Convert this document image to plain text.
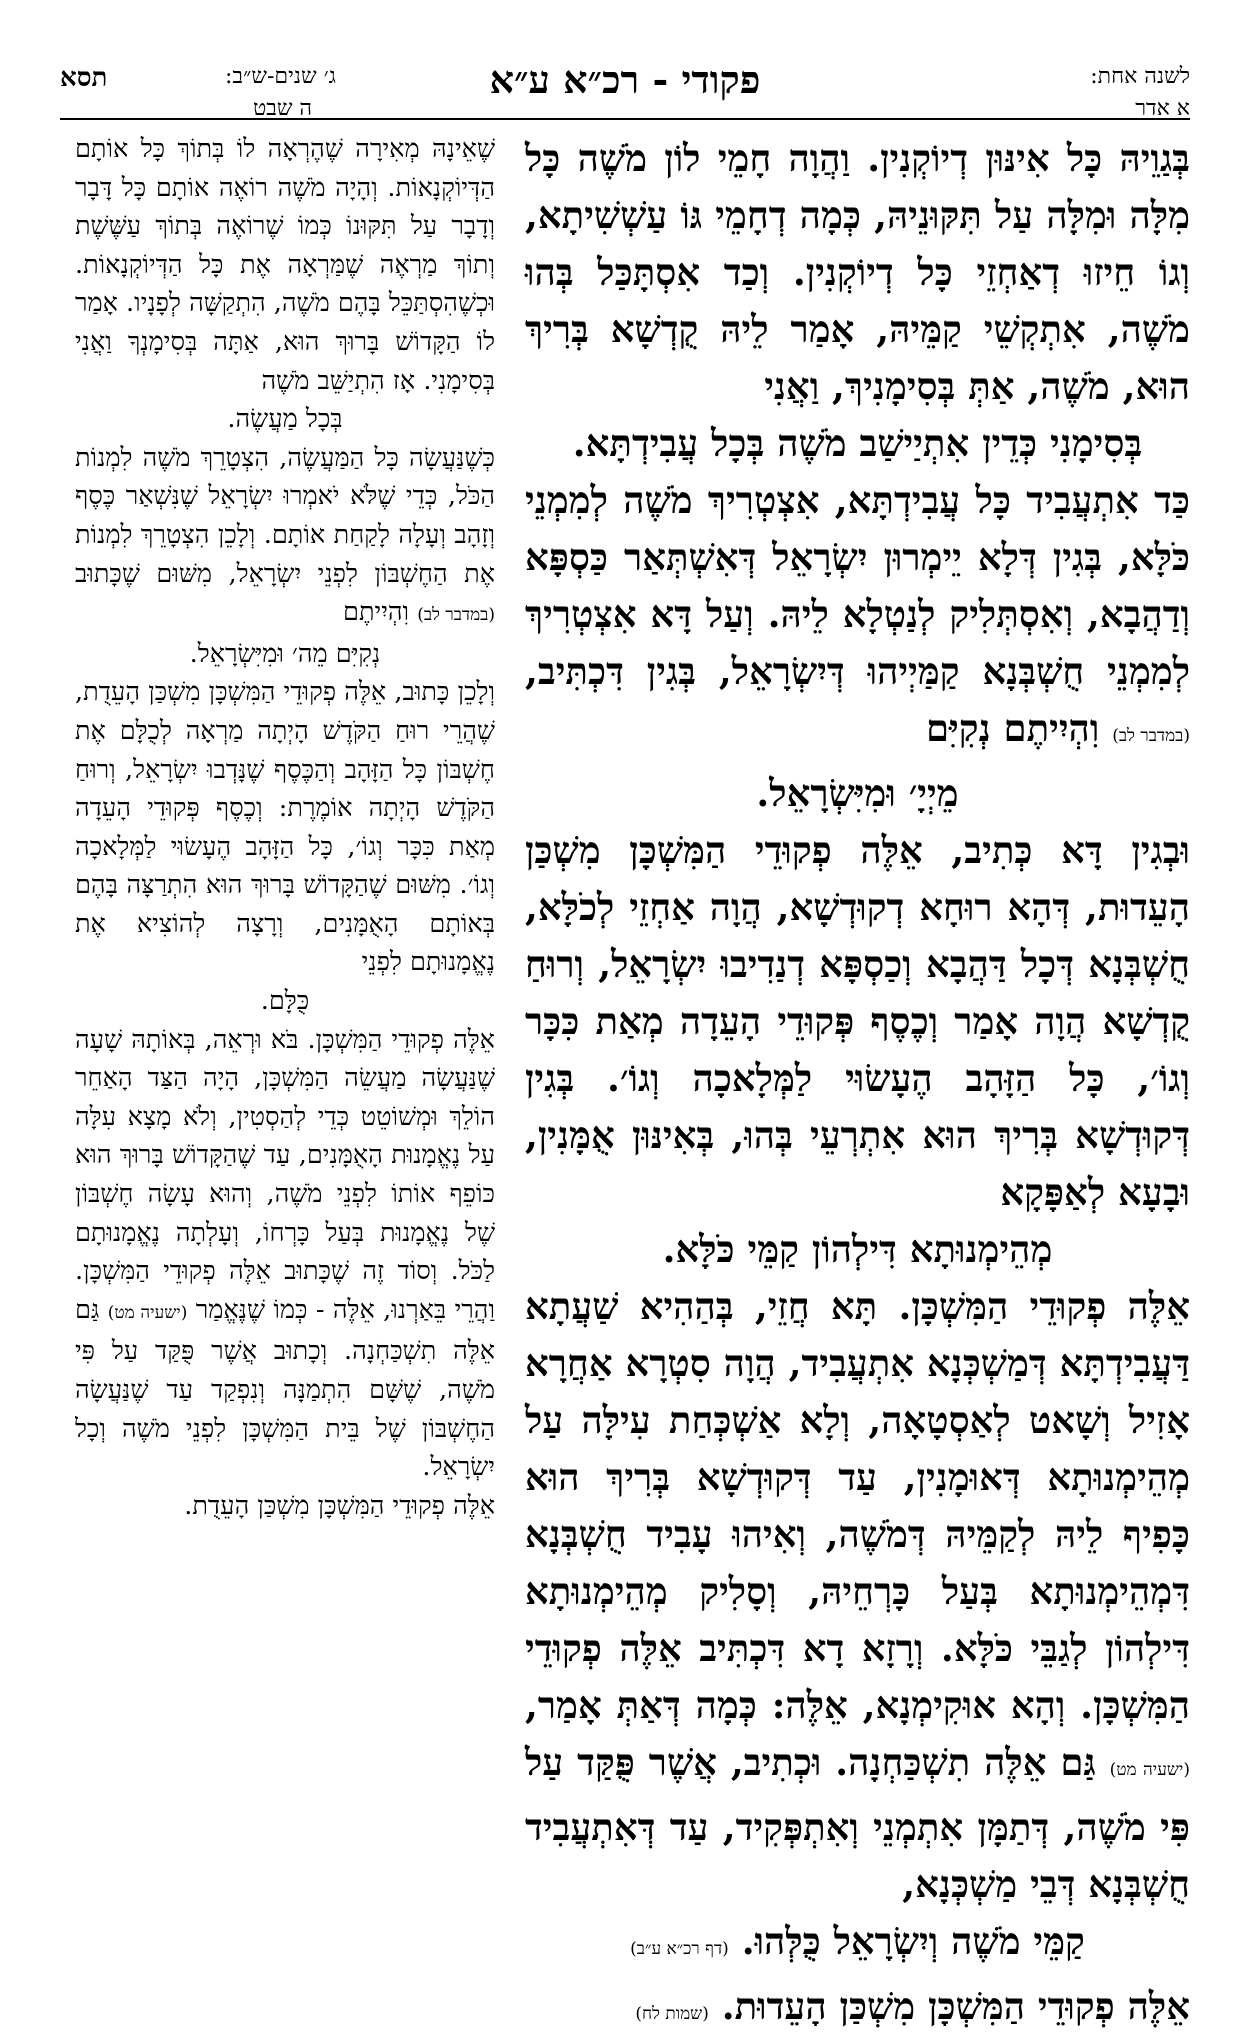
תסא	ג׳ שנים-ש״ב:
ה שבט
פקודי - רכ״א ע״א	לשנה אחת:
א אדר

בְּגַוֵיהּ כָּל אִינּוּן דְיוֹקְנִין. וַהֲוָה חָמֵי לוֹן מֹשֶׁה כָּל מִלָּה וּמִלָּה עַל תִּקּוּנֵיהּ, כְּמָה דְחָמֵי גּוֹ עַשְׁשִׁיתָא, וְגוֹ חֵיזוּ דְאַחְזֵי כָּל דְיוֹקְנִין. וְכַד אִסְתָּכַּל בְּהוּ מֹשֶׁה, אִתְקְשֵׁי קַמֵּיהּ, אָמַר לֵיהּ קֻדְשָׁא בְּרִיךְ הוּא, מֹשֶׁה, אַתְּ בְּסִימָנִיךְ, וַאֲנִי

בְּסִימָנִי כְּדֵין אִתְיַישַׁב מֹשֶׁה בְּכָל עֲבִידְתָּא.

כַּד אִתְעֲבִיד כָּל עֲבִידְתָּא, אִצְטְרִיךְ מֹשֶׁה לְמִמְנֵי כֹּלָּא, בְּגִין דְּלָא יֵימְרוּן יִשְׂרָאֵל דְּאִשְׁתְּאַר כַּסְפָּא וְדַהֲבָא, וְאִסְתְּלִיק לְנַטְלָא לֵיהּ. וְעַל דָּא אִצְטְרִיךְ לְמִמְנֵי חֻשְׁבְּנָא קַמַּיְיהוּ דְּיִשְׂרָאֵל, בְּגִין דִּכְתִּיב, (במדבר לב) וִהְיִיתֶם נְקִיִּם

מֵיְיָ׳ וּמִיִּשְׂרָאֵל.

וּבְגִין דָּא כְּתִיב, אֵלֶּה פְקוּדֵי הַמִּשְׁכָּן מִשְׁכַּן הָעֵדוּת, דְּהָא רוּחָא דְקוּדְשָׁא, הֲוָה אַחְזֵי לְכֹלָּא, חֻשְׁבְּנָא דְּכָל דַּהֲבָא וְכַסְפָּא דְנַדִיבוּ יִשְׂרָאֵל, וְרוּחַ קֻדְשָׁא הֲוָה אָמַר וְכֶסֶף פְּקוּדֵי הָעֵדָה מְאַת כִּכָּר וְגוֹ׳, כָּל הַזָּהָב הֶעָשׂוּי לַמְּלָאכָה וְגוֹ׳. בְּגִין דְּקוּדְשָׁא בְּרִיךְ הוּא אִתְרְעֵי בְּהוּ, בְּאִינּוּן אֻמָּנִין, וּבָעָא לְאַפָּקָא

מְהֵימְנוּתָא דִּילְהוֹן קַמֵּי כֹּלָּא.

אֵלֶּה פְקוּדֵי הַמִּשְׁכָּן. תָּא חֲזֵי, בְּהַהִיא שַׁעֲתָא דַּעֲבִידְתָּא דְּמַשְׁכְּנָא אִתְעֲבִיד, הֲוָה סִטְרָא אַחֲרָא אָזִיל וְשָׁאט לְאַסְטָאָה, וְלָא אַשְׁכְּחַת עִילָּה עַל מְהֵימְנוּתָא דְּאוּמָנִין, עַד דְּקוּדְשָׁא בְּרִיךְ הוּא כָּפִיף לֵיהּ לְקַמֵּיהּ דְּמֹשֶׁה, וְאִיהוּ עָבִיד חֻשְׁבְּנָא דִּמְהֵימְנוּתָא בְּעַל כָּרְחֵיהּ, וְסָלִיק מְהֵימְנוּתָא דִּילְהוֹן לְגַבֵּי כֹּלָּא. וְרָזָא דָא דִּכְתִּיב אֵלֶּה פְקוּדֵי הַמִּשְׁכָּן. וְהָא אוּקִימְנָא, אֵלֶּה: כְּמָה דְּאַתְּ אָמַר, (ישעיה מט) גַּם אֵלֶּה תִשְׁכַּחְנָה. וּכְתִיב, אֲשֶׁר פֻּקַּד עַל פִּי מֹשֶׁה, דְּתַמָּן אִתְמְנֵי וְאִתְפְּקִיד, עַד דְּאִתְעֲבִיד חֻשְׁבְּנָא דְּבֵי מַשְׁכְּנָא,

קַמֵּי מֹשֶׁה וְיִשְׂרָאֵל כֻּלְּהוּ. (דף רכ״א ע״ב)

אֵלֶּה פְקוּדֵי הַמִּשְׁכָּן מִשְׁכַּן הָעֵדוּת. (שמות לח)

שֶׁאֵינָהּ מְאִירָה שֶׁהֶרְאָה לוֹ בְּתוֹךְ כָּל אוֹתָם הַדְּיוֹקְנָאוֹת. וְהָיָה מֹשֶׁה רוֹאֶה אוֹתָם כָּל דָּבָר וְדָבָר עַל תִּקּוּנוֹ כְּמוֹ שֶׁרוֹאֶה בְּתוֹךְ עַשֶּׁשֶׁת וְתוֹךְ מַרְאֶה שֶׁמַּרְאָה אֶת כָּל הַדְּיוֹקְנָאוֹת. וּכְשֶׁהִסְתַּכֵּל בָּהֶם מֹשֶׁה, הִתְקַשָּׁה לְפָנָיו. אָמַר לוֹ הַקָּדוֹשׁ בָּרוּךְ הוּא, אַתָּה בְּסִימָנְךָ וַאֲנִי בְּסִימָנִי. אָז הִתְיַשֵּׁב מֹשֶׁה

בְּכָל מַעֲשֶׂה.

כְּשֶׁנַּעֲשָׂה כָּל הַמַּעֲשֶׂה, הִצְטָרֵךְ מֹשֶׁה לִמְנוֹת הַכֹּל, כְּדֵי שֶׁלֹּא יֹאמְרוּ יִשְׂרָאֵל שֶׁנִּשְׁאַר כֶּסֶף וְזָהָב וְעָלָה לָקַחַת אוֹתָם. וְלָכֵן הִצְטָרֵךְ לִמְנוֹת אֶת הַחֶשְׁבּוֹן לִפְנֵי יִשְׂרָאֵל, מִשּׁוּם שֶׁכָּתוּב (במדבר לב) וִהְיִיתֶם

נְקִיִּם מֵה׳ וּמִיִּשְׂרָאֵל.

וְלָכֵן כָּתוּב, אֵלֶּה פְקוּדֵי הַמִּשְׁכָּן מִשְׁכַּן הָעֵדֻת, שֶׁהֲרֵי רוּחַ הַקֹּדֶשׁ הָיְתָה מַרְאָה לְכֻלָּם אֶת חֶשְׁבּוֹן כָּל הַזָּהָב וְהַכֶּסֶף שֶׁנָּדְבוּ יִשְׂרָאֵל, וְרוּחַ הַקֹּדֶשׁ הָיְתָה אוֹמֶרֶת: וְכֶסֶף פְּקוּדֵי הָעֵדָה מְאַת כִּכָּר וְגוֹ׳, כָּל הַזָּהָב הֶעָשׂוּי לַמְּלָאכָה וְגוֹ׳. מִשּׁוּם שֶׁהַקָּדוֹשׁ בָּרוּךְ הוּא הִתְרַצָּה בָּהֶם בְּאוֹתָם הָאֻמָּנִים, וְרָצָה לְהוֹצִיא אֶת נֶאֱמָנוּתָם לִפְנֵי

כֻּלָּם.

אֵלֶּה פְקוּדֵי הַמִּשְׁכָּן. בֹּא וּרְאֵה, בְּאוֹתָהּ שָׁעָה שֶׁנַּעֲשָׂה מַעֲשֵׂה הַמִּשְׁכָּן, הָיָה הַצַּד הָאַחֵר הוֹלֵךְ וּמְשׁוֹטֵט כְּדֵי לְהַסְטִין, וְלֹא מָצָא עִלָּה עַל נֶאֱמָנוּת הָאֻמָּנִים, עַד שֶׁהַקָּדוֹשׁ בָּרוּךְ הוּא כּוֹפֵף אוֹתוֹ לִפְנֵי מֹשֶׁה, וְהוּא עָשָׂה חֶשְׁבּוֹן שֶׁל נֶאֱמָנוּת בְּעַל כָּרְחוֹ, וְעָלְתָה נֶאֱמָנוּתָם לַכֹּל. וְסוֹד זֶה שֶׁכָּתוּב אֵלֶּה פְקוּדֵי הַמִּשְׁכָּן. וַהֲרֵי בֵּאַרְנוּ, אֵלֶּה - כְּמוֹ שֶׁנֶּאֱמַר (ישעיה מט) גַּם אֵלֶּה תִשְׁכַּחְנָה. וְכָתוּב אֲשֶׁר פֻּקַּד עַל פִּי מֹשֶׁה, שֶׁשָּׁם הִתְמַנָּה וְנִפְקַד עַד שֶׁנַּעֲשָׂה הַחֶשְׁבּוֹן שֶׁל בֵּית הַמִּשְׁכָּן לִפְנֵי מֹשֶׁה וְכָל יִשְׂרָאֵל.

אֵלֶּה פְקוּדֵי הַמִּשְׁכָּן מִשְׁכַּן הָעֵדֻת.
